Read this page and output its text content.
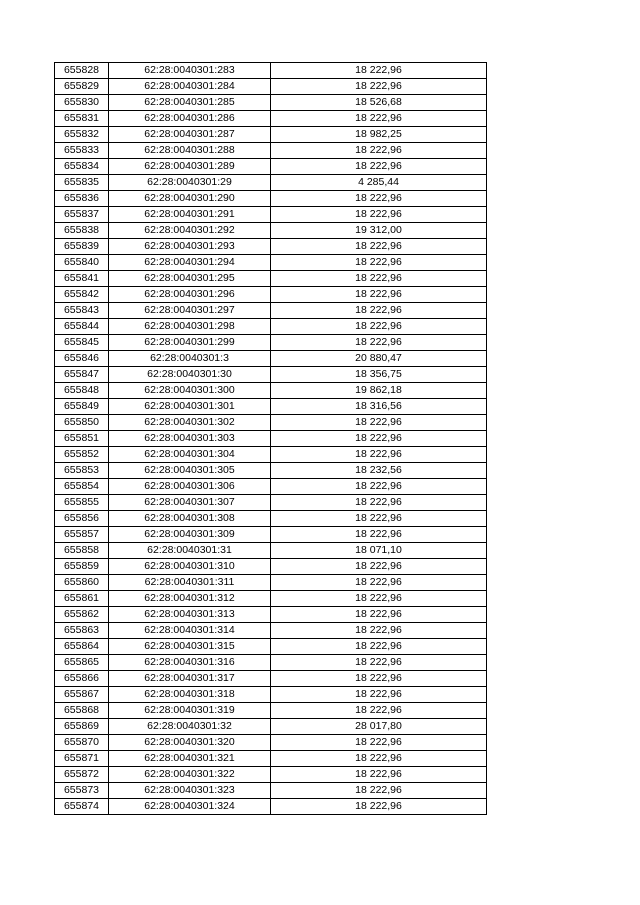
655828	62:28:0040301:283	18 222,96
655829	62:28:0040301:284	18 222,96
655830	62:28:0040301:285	18 526,68
655831	62:28:0040301:286	18 222,96
655832	62:28:0040301:287	18 982,25
655833	62:28:0040301:288	18 222,96
655834	62:28:0040301:289	18 222,96
655835	62:28:0040301:29	4 285,44
655836	62:28:0040301:290	18 222,96
655837	62:28:0040301:291	18 222,96
655838	62:28:0040301:292	19 312,00
655839	62:28:0040301:293	18 222,96
655840	62:28:0040301:294	18 222,96
655841	62:28:0040301:295	18 222,96
655842	62:28:0040301:296	18 222,96
655843	62:28:0040301:297	18 222,96
655844	62:28:0040301:298	18 222,96
655845	62:28:0040301:299	18 222,96
655846	62:28:0040301:3	20 880,47
655847	62:28:0040301:30	18 356,75
655848	62:28:0040301:300	19 862,18
655849	62:28:0040301:301	18 316,56
655850	62:28:0040301:302	18 222,96
655851	62:28:0040301:303	18 222,96
655852	62:28:0040301:304	18 222,96
655853	62:28:0040301:305	18 232,56
655854	62:28:0040301:306	18 222,96
655855	62:28:0040301:307	18 222,96
655856	62:28:0040301:308	18 222,96
655857	62:28:0040301:309	18 222,96
655858	62:28:0040301:31	18 071,10
655859	62:28:0040301:310	18 222,96
655860	62:28:0040301:311	18 222,96
655861	62:28:0040301:312	18 222,96
655862	62:28:0040301:313	18 222,96
655863	62:28:0040301:314	18 222,96
655864	62:28:0040301:315	18 222,96
655865	62:28:0040301:316	18 222,96
655866	62:28:0040301:317	18 222,96
655867	62:28:0040301:318	18 222,96
655868	62:28:0040301:319	18 222,96
655869	62:28:0040301:32	28 017,80
655870	62:28:0040301:320	18 222,96
655871	62:28:0040301:321	18 222,96
655872	62:28:0040301:322	18 222,96
655873	62:28:0040301:323	18 222,96
655874	62:28:0040301:324	18 222,96
